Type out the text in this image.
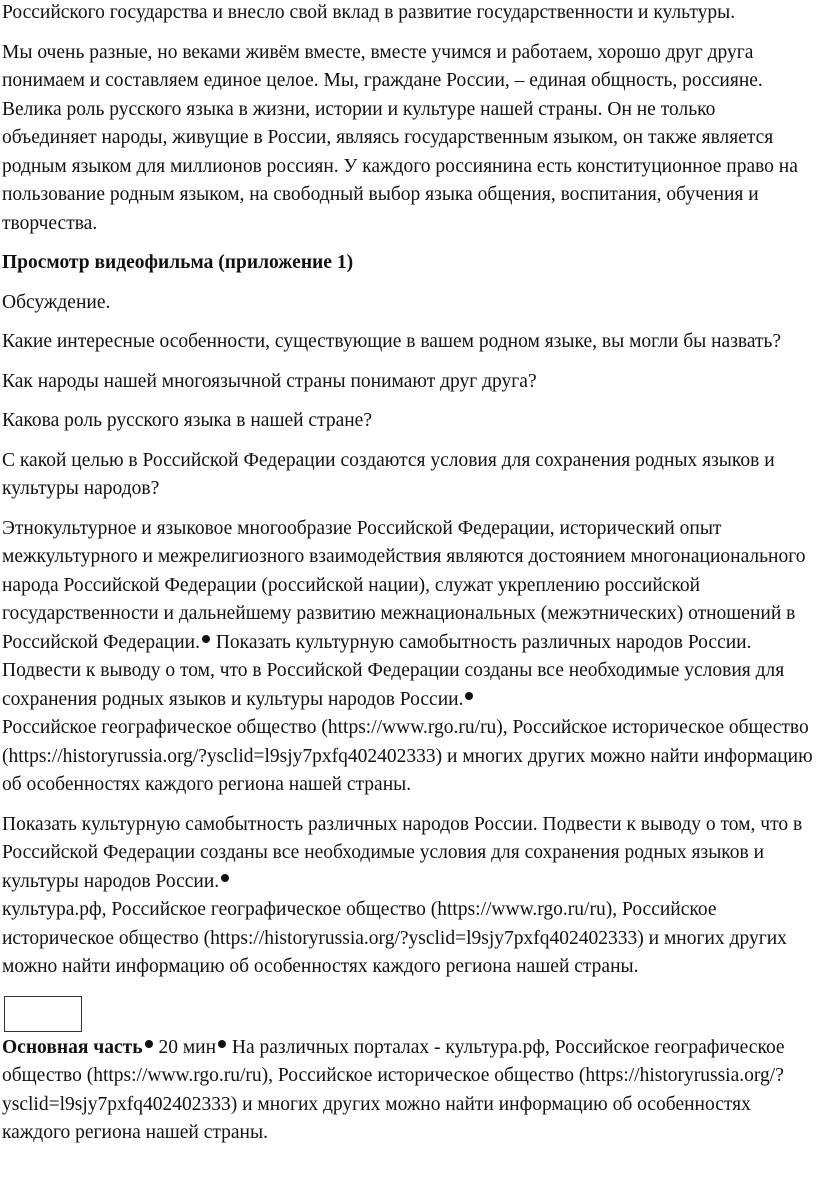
Российского государства и внесло свой вклад в развитие государственности и культуры.

Мы очень разные, но веками живём вместе, вместе учимся и работаем, хорошо друг друга понимаем и составляем единое целое. Мы, граждане России, – единая общность, россияне. Велика роль русского языка в жизни, истории и культуре нашей страны. Он не только объединяет народы, живущие в России, являясь государственным языком, он также является родным языком для миллионов россиян. У каждого россиянина есть конституционное право на пользование родным языком, на свободный выбор языка общения, воспитания, обучения и творчества.

Просмотр видеофильма (приложение 1)

Обсуждение.

Какие интересные особенности, существующие в вашем родном языке, вы могли бы назвать?

Как народы нашей многоязычной страны понимают друг друга?

Какова роль русского языка в нашей стране?

С какой целью в Российской Федерации создаются условия для сохранения родных языков и культуры народов?

Этнокультурное и языковое многообразие Российской Федерации, исторический опыт межкультурного и межрелигиозного взаимодействия являются достоянием многонационального народа Российской Федерации (российской нации), служат укреплению российской государственности и дальнейшему развитию межнациональных (межэтнических) отношений в Российской Федерации. Показать культурную самобытность различных народов России. Подвести к выводу о том, что в Российской Федерации созданы все необходимые условия для сохранения родных языков и культуры народов России.
Российское географическое общество (https://www.rgo.ru/ru), Российское историческое общество (https://historyrussia.org/?ysclid=l9sjy7pxfq402402333) и многих других можно найти информацию об особенностях каждого региона нашей страны.

Показать культурную самобытность различных народов России. Подвести к выводу о том, что в Российской Федерации созданы все необходимые условия для сохранения родных языков и культуры народов России.
культура.рф, Российское географическое общество (https://www.rgo.ru/ru), Российское историческое общество (https://historyrussia.org/?ysclid=l9sjy7pxfq402402333) и многих других можно найти информацию об особенностях каждого региона нашей страны.

Основная часть 20 мин На различных порталах - культура.рф, Российское географическое общество (https://www.rgo.ru/ru), Российское историческое общество (https://historyrussia.org/?ysclid=l9sjy7pxfq402402333) и многих других можно найти информацию об особенностях каждого региона нашей страны.
